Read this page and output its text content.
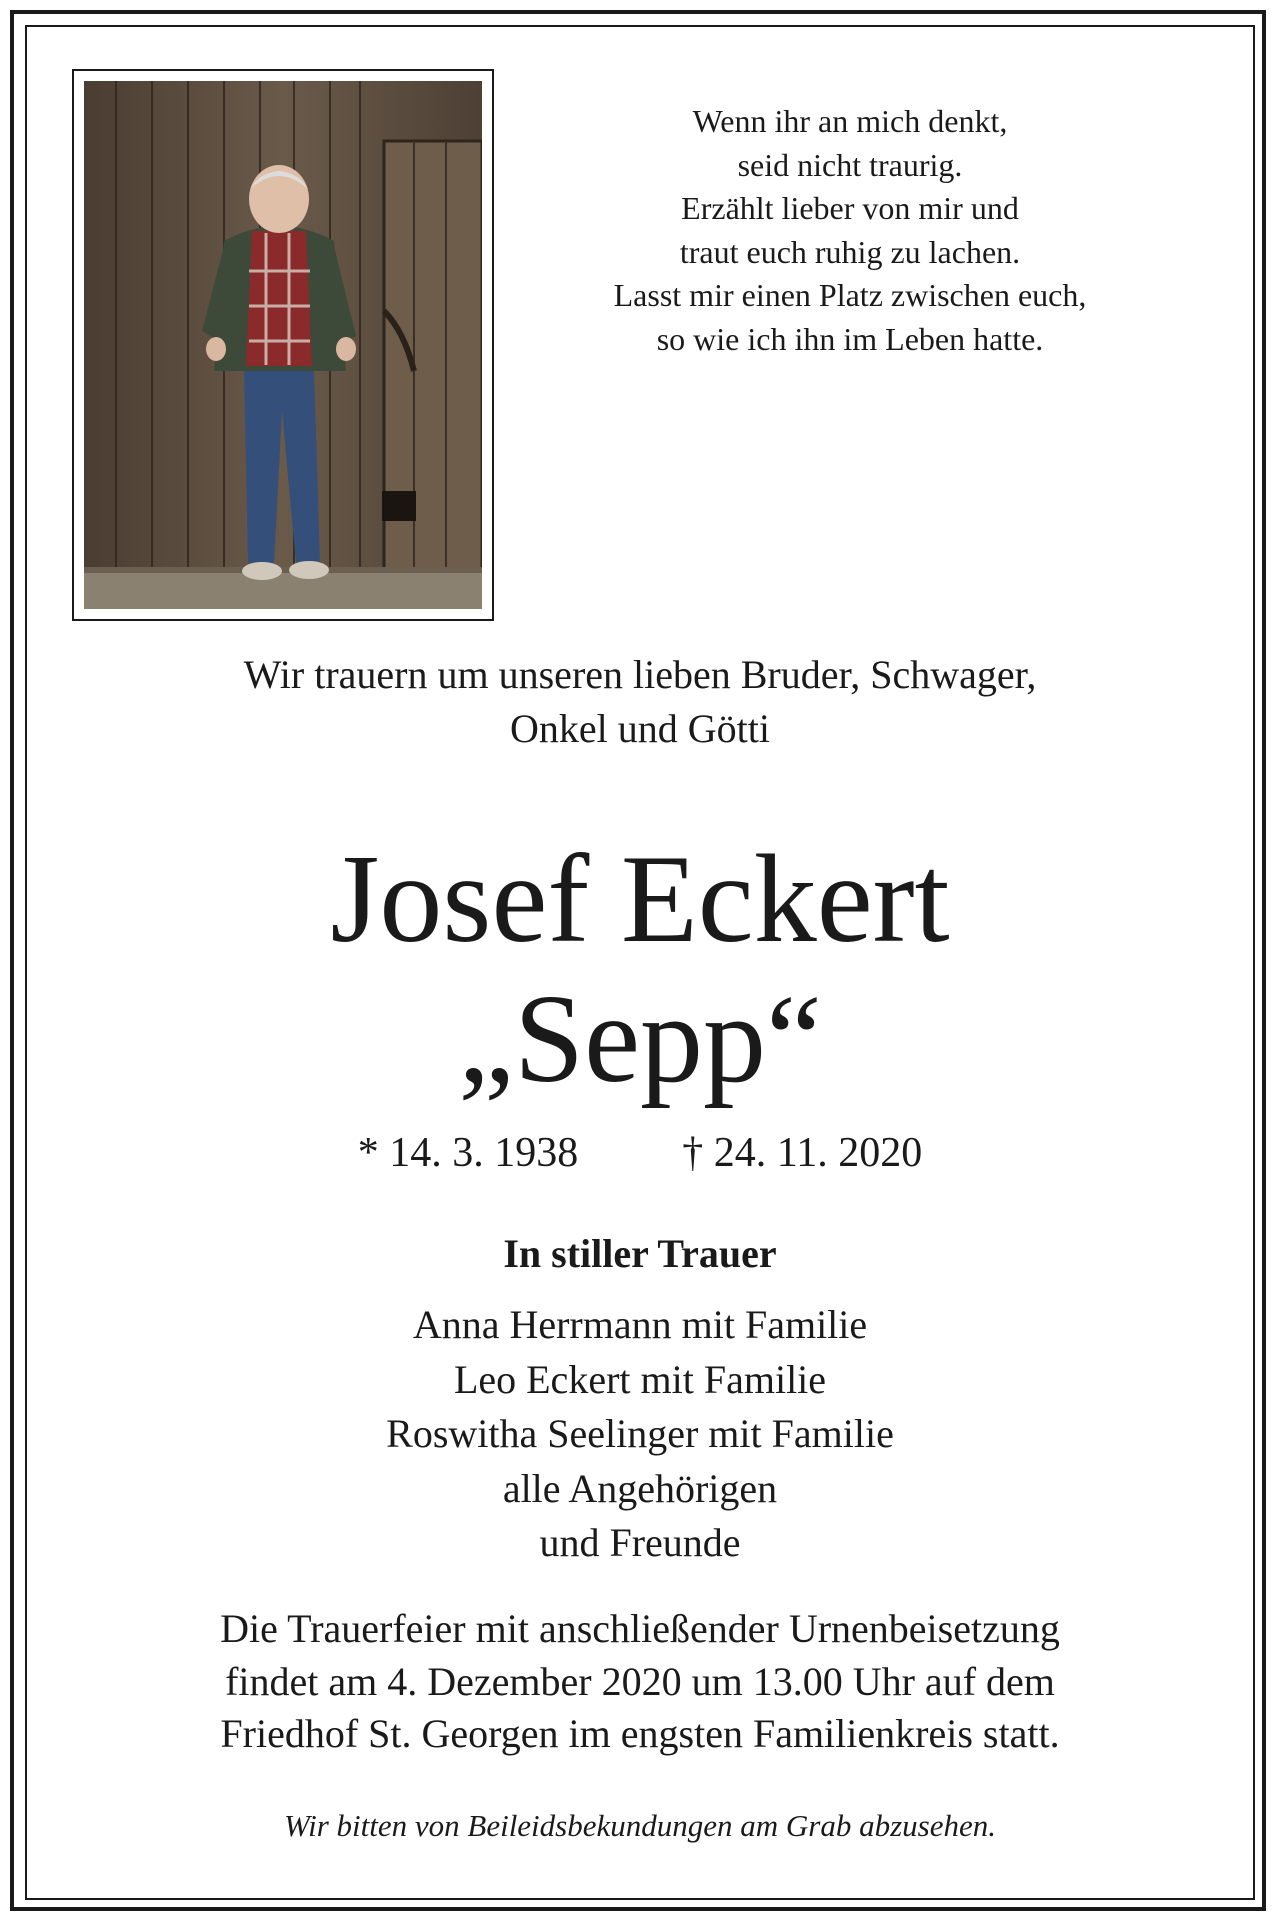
Wenn ihr an mich denkt,
seid nicht traurig.
Erzählt lieber von mir und
traut euch ruhig zu lachen.
Lasst mir einen Platz zwischen euch,
so wie ich ihn im Leben hatte.
Wir trauern um unseren lieben Bruder, Schwager,
Onkel und Götti
Josef Eckert
„Sepp“
* 14. 3. 1938 † 24. 11. 2020
In stiller Trauer
Anna Herrmann mit Familie
Leo Eckert mit Familie
Roswitha Seelinger mit Familie
alle Angehörigen
und Freunde
Die Trauerfeier mit anschließender Urnenbeisetzung
findet am 4. Dezember 2020 um 13.00 Uhr auf dem
Friedhof St. Georgen im engsten Familienkreis statt.
Wir bitten von Beileidsbekundungen am Grab abzusehen.
